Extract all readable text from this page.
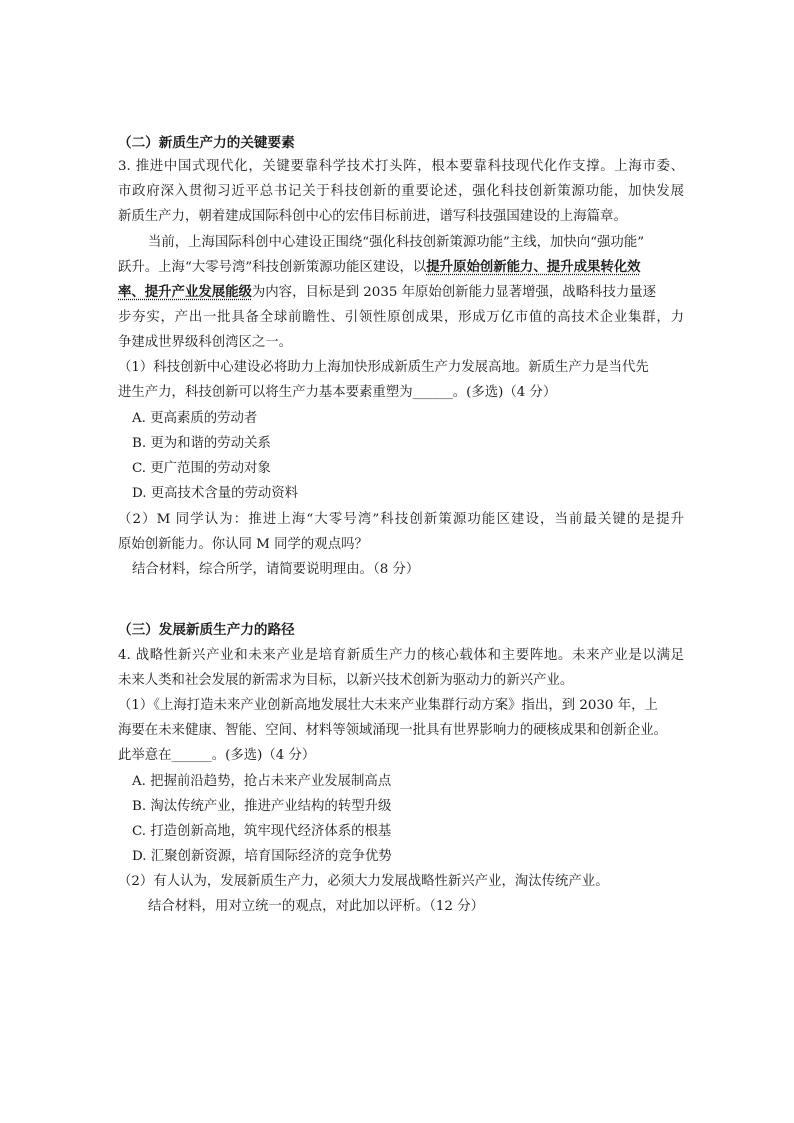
（二）新质生产力的关键要素
3. 推进中国式现代化，关键要靠科学技术打头阵，根本要靠科技现代化作支撑。上海市委、
市政府深入贯彻习近平总书记关于科技创新的重要论述，强化科技创新策源功能，加快发展
新质生产力，朝着建成国际科创中心的宏伟目标前进，谱写科技强国建设的上海篇章。
当前，上海国际科创中心建设正围绕“强化科技创新策源功能”主线，加快向“强功能”
跃升。上海“大零号湾”科技创新策源功能区建设，以提升原始创新能力、提升成果转化效
率、提升产业发展能级为内容，目标是到 2035 年原始创新能力显著增强，战略科技力量逐
步夯实，产出一批具备全球前瞻性、引领性原创成果，形成万亿市值的高技术企业集群，力
争建成世界级科创湾区之一。
（1）科技创新中心建设必将助力上海加快形成新质生产力发展高地。新质生产力是当代先
进生产力，科技创新可以将生产力基本要素重塑为______。(多选)（4 分）
A. 更高素质的劳动者
B. 更为和谐的劳动关系
C. 更广范围的劳动对象
D. 更高技术含量的劳动资料
（2）M 同学认为：推进上海“大零号湾”科技创新策源功能区建设，当前最关键的是提升
原始创新能力。你认同 M 同学的观点吗？
结合材料，综合所学，请简要说明理由。（8 分）
（三）发展新质生产力的路径
4. 战略性新兴产业和未来产业是培育新质生产力的核心载体和主要阵地。未来产业是以满足
未来人类和社会发展的新需求为目标，以新兴技术创新为驱动力的新兴产业。
（1）《上海打造未来产业创新高地发展壮大未来产业集群行动方案》指出，到 2030 年，上
海要在未来健康、智能、空间、材料等领域涌现一批具有世界影响力的硬核成果和创新企业。
此举意在______。(多选)（4 分）
A. 把握前沿趋势，抢占未来产业发展制高点
B. 淘汰传统产业，推进产业结构的转型升级
C. 打造创新高地，筑牢现代经济体系的根基
D. 汇聚创新资源，培育国际经济的竞争优势
（2）有人认为，发展新质生产力，必须大力发展战略性新兴产业，淘汰传统产业。
结合材料，用对立统一的观点，对此加以评析。（12 分）
